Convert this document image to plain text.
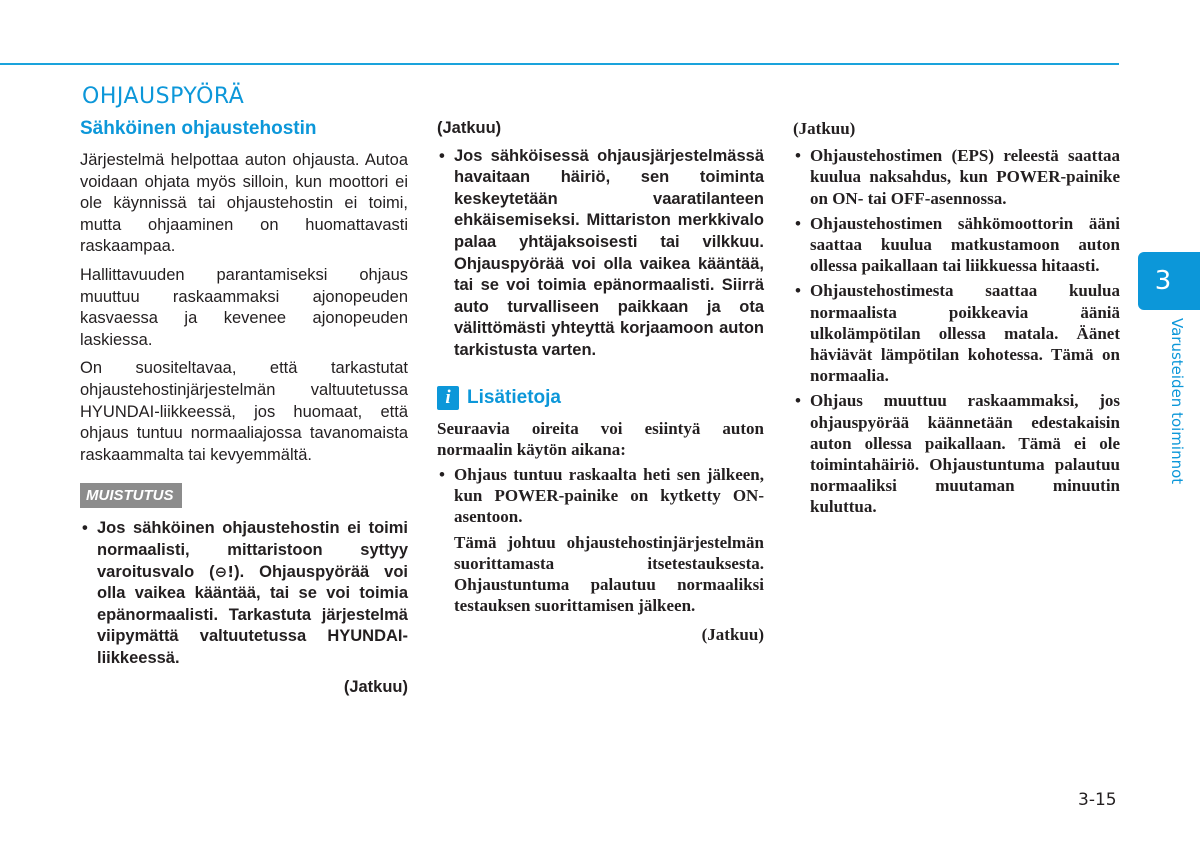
OHJAUSPYÖRÄ
Sähköinen ohjaustehostin

Järjestelmä helpottaa auton ohjausta. Autoa voidaan ohjata myös silloin, kun moottori ei ole käynnissä tai ohjaustehostin ei toimi, mutta ohjaaminen on huomattavasti raskaampaa.

Hallittavuuden parantamiseksi ohjaus muuttuu raskaammaksi ajonopeuden kasvaessa ja kevenee ajonopeuden laskiessa.

On suositeltavaa, että tarkastutat ohjaustehostinjärjestelmän valtuutetussa HYUNDAI-liikkeessä, jos huomaat, että ohjaus tuntuu normaaliajossa tavanomaista raskaammalta tai kevyemmältä.

MUISTUTUS
• Jos sähköinen ohjaustehostin ei toimi normaalisti, mittaristoon syttyy varoitusvalo (⊖!). Ohjauspyörää voi olla vaikea kääntää, tai se voi toimia epänormaalisti. Tarkastuta järjestelmä viipymättä valtuutetussa HYUNDAI-liikkeessä.
(Jatkuu)
(Jatkuu)
• Jos sähköisessä ohjausjärjestelmässä havaitaan häiriö, sen toiminta keskeytetään vaaratilanteen ehkäisemiseksi. Mittariston merkkivalo palaa yhtäjaksoisesti tai vilkkuu. Ohjauspyörää voi olla vaikea kääntää, tai se voi toimia epänormaalisti. Siirrä auto turvalliseen paikkaan ja ota välittömästi yhteyttä korjaamoon auton tarkistusta varten.
i Lisätietoja

Seuraavia oireita voi esiintyä auton normaalin käytön aikana:

• Ohjaus tuntuu raskaalta heti sen jälkeen, kun POWER-painike on kytketty ON-asentoon.

Tämä johtuu ohjaustehostinjärjestelmän suorittamasta itsetestauksesta. Ohjaustuntuma palautuu normaaliksi testauksen suorittamisen jälkeen.

(Jatkuu)
(Jatkuu)
• Ohjaustehostimen (EPS) releestä saattaa kuulua naksahdus, kun POWER-painike on ON- tai OFF-asennossa.
• Ohjaustehostimen sähkömoottorin ääni saattaa kuulua matkustamoon auton ollessa paikallaan tai liikkuessa hitaasti.
• Ohjaustehostimesta saattaa kuulua normaalista poikkeavia ääniä ulkolämpötilan ollessa matala. Äänet häviävät lämpötilan kohotessa. Tämä on normaalia.
• Ohjaus muuttuu raskaammaksi, jos ohjauspyörää käännetään edestakaisin auton ollessa paikallaan. Tämä ei ole toimintahäiriö. Ohjaustuntuma palautuu normaaliksi muutaman minuutin kuluttua.
3
Varusteiden toiminnot
3-15
